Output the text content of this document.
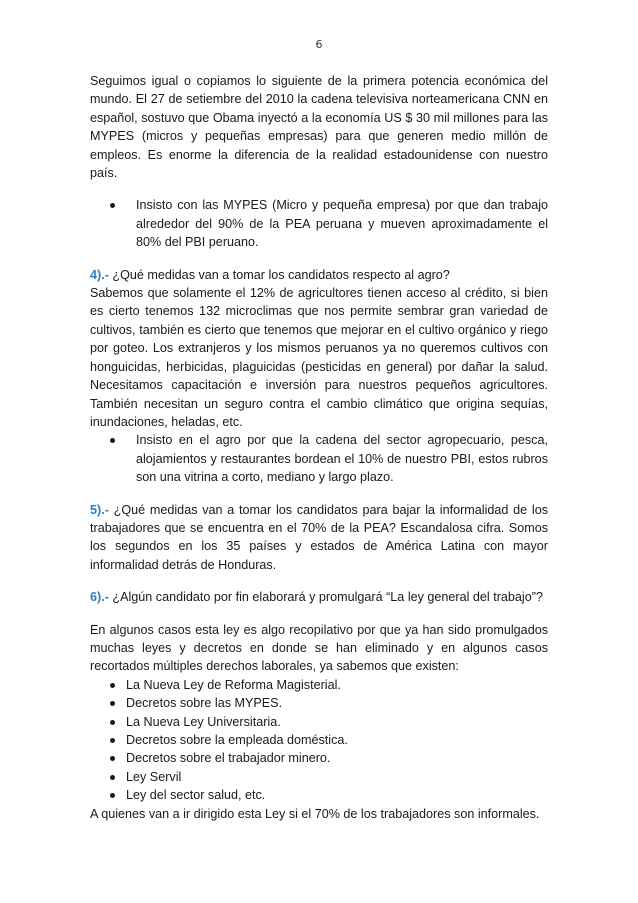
6

Seguimos igual o copiamos lo siguiente de la primera potencia económica del mundo. El 27 de setiembre del 2010 la cadena televisiva norteamericana CNN en español, sostuvo que Obama inyectó a la economía US $ 30 mil millones para las MYPES (micros y pequeñas empresas) para que generen medio millón de empleos. Es enorme la diferencia de la realidad estadounidense con nuestro país.

Insisto con las MYPES (Micro y pequeña empresa) por que dan trabajo alrededor del 90% de la PEA peruana y mueven aproximadamente el 80% del PBI peruano.

4).- ¿Qué medidas van a tomar los candidatos respecto al agro?

Sabemos que solamente el 12% de agricultores tienen acceso al crédito, si bien es cierto tenemos 132 microclimas que nos permite sembrar gran variedad de cultivos, también es cierto que tenemos que mejorar en el cultivo orgánico y riego por goteo. Los extranjeros y los mismos peruanos ya no queremos cultivos con honguicidas, herbicidas, plaguicidas (pesticidas en general) por dañar la salud. Necesitamos capacitación e inversión para nuestros pequeños agricultores. También necesitan un seguro contra el cambio climático que origina sequías, inundaciones, heladas, etc.

Insisto en el agro por que la cadena del sector agropecuario, pesca, alojamientos y restaurantes bordean el 10% de nuestro PBI, estos rubros son una vitrina a corto, mediano y largo plazo.

5).- ¿Qué medidas van a tomar los candidatos para bajar la informalidad de los trabajadores que se encuentra en el 70% de la PEA? Escandalosa cifra. Somos los segundos en los 35 países y estados de América Latina con mayor informalidad detrás de Honduras.

6).- ¿Algún candidato por fin elaborará y promulgará “La ley general del trabajo”?

En algunos casos esta ley es algo recopilativo por que ya han sido promulgados muchas leyes y decretos en donde se han eliminado y en algunos casos recortados múltiples derechos laborales, ya sabemos que existen:

La Nueva Ley de Reforma Magisterial.
Decretos sobre las MYPES.
La Nueva Ley Universitaria.
Decretos sobre la empleada doméstica.
Decretos sobre el trabajador minero.
Ley Servil
Ley del sector salud, etc.

A quienes van a ir dirigido esta Ley si el 70% de los trabajadores son informales.
